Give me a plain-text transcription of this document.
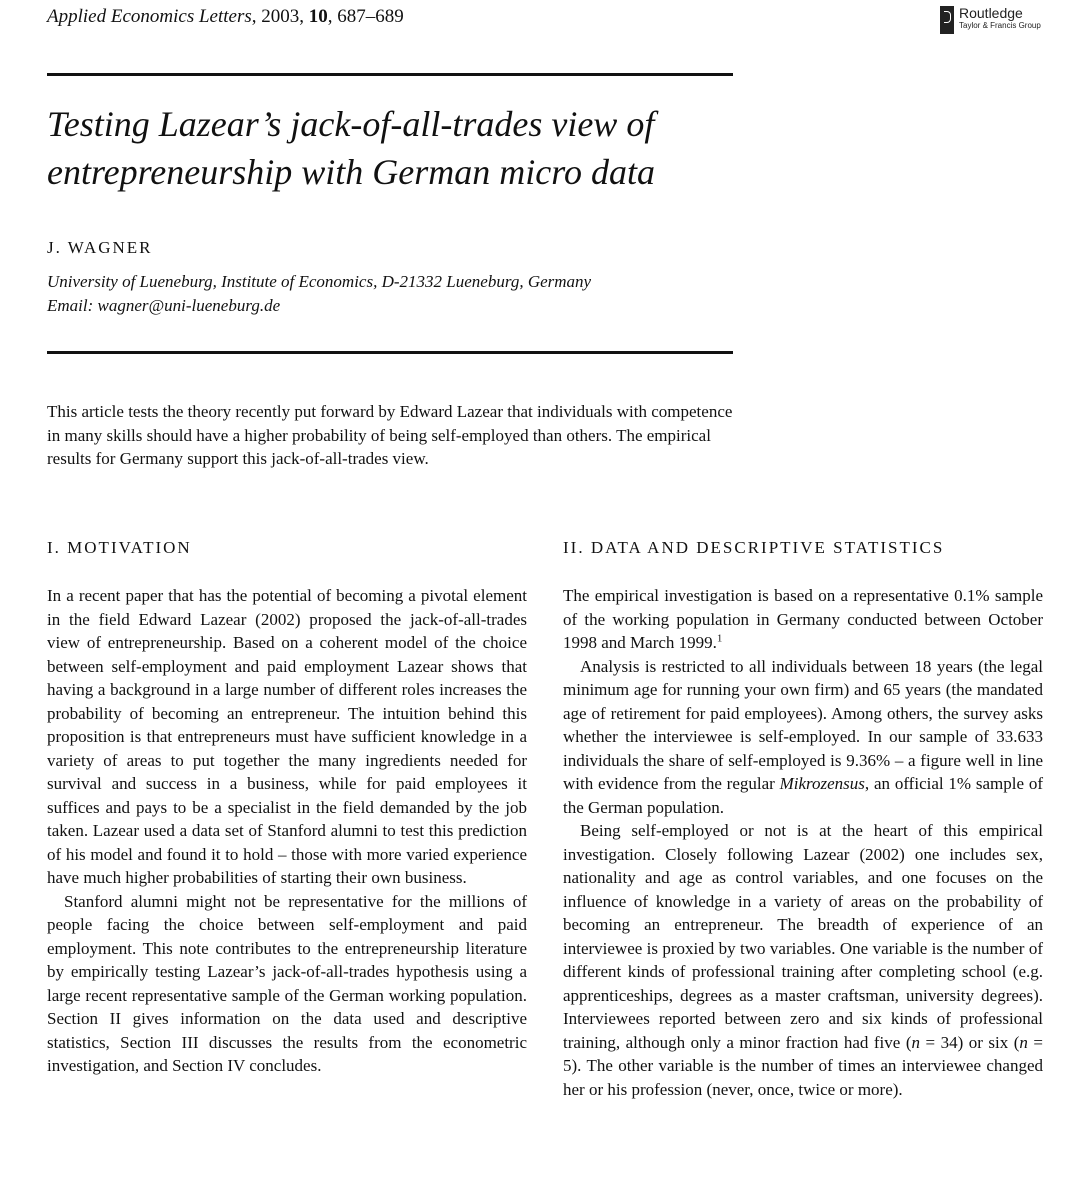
Applied Economics Letters, 2003, 10, 687–689	Routledge
Taylor & Francis Group
Testing Lazear’s jack-of-all-trades view of entrepreneurship with German micro data
J. WAGNER
University of Lueneburg, Institute of Economics, D-21332 Lueneburg, Germany
Email: wagner@uni-lueneburg.de

This article tests the theory recently put forward by Edward Lazear that individuals with competence in many skills should have a higher probability of being self-employed than others. The empirical results for Germany support this jack-of-all-trades view.

I. MOTIVATION	II. DATA AND DESCRIPTIVE STATISTICS

In a recent paper that has the potential of becoming a pivotal element in the field Edward Lazear (2002) proposed the jack-of-all-trades view of entrepreneurship. Based on a coherent model of the choice between self-employment and paid employment Lazear shows that having a background in a large number of different roles increases the probability of becoming an entrepreneur. The intuition behind this proposition is that entrepreneurs must have sufficient knowledge in a variety of areas to put together the many ingredients needed for survival and success in a business, while for paid employees it suffices and pays to be a specialist in the field demanded by the job taken. Lazear used a data set of Stanford alumni to test this prediction of his model and found it to hold – those with more varied experience have much higher probabilities of starting their own business.

Stanford alumni might not be representative for the millions of people facing the choice between self-employment and paid employment. This note contributes to the entrepreneurship literature by empirically testing Lazear’s jack-of-all-trades hypothesis using a large recent representative sample of the German working population. Section II gives information on the data used and descriptive statistics, Section III discusses the results from the econometric investigation, and Section IV concludes.

The empirical investigation is based on a representative 0.1% sample of the working population in Germany conducted between October 1998 and March 1999.$^1$

Analysis is restricted to all individuals between 18 years (the legal minimum age for running your own firm) and 65 years (the mandated age of retirement for paid employees). Among others, the survey asks whether the interviewee is self-employed. In our sample of 33.633 individuals the share of self-employed is 9.36% – a figure well in line with evidence from the regular Mikrozensus, an official 1% sample of the German population.

Being self-employed or not is at the heart of this empirical investigation. Closely following Lazear (2002) one includes sex, nationality and age as control variables, and one focuses on the influence of knowledge in a variety of areas on the probability of becoming an entrepreneur. The breadth of experience of an interviewee is proxied by two variables. One variable is the number of different kinds of professional training after completing school (e.g. apprenticeships, degrees as a master craftsman, university degrees). Interviewees reported between zero and six kinds of professional training, although only a minor fraction had five (n = 34) or six (n = 5). The other variable is the number of times an interviewee changed her or his profession (never, once, twice or more).
